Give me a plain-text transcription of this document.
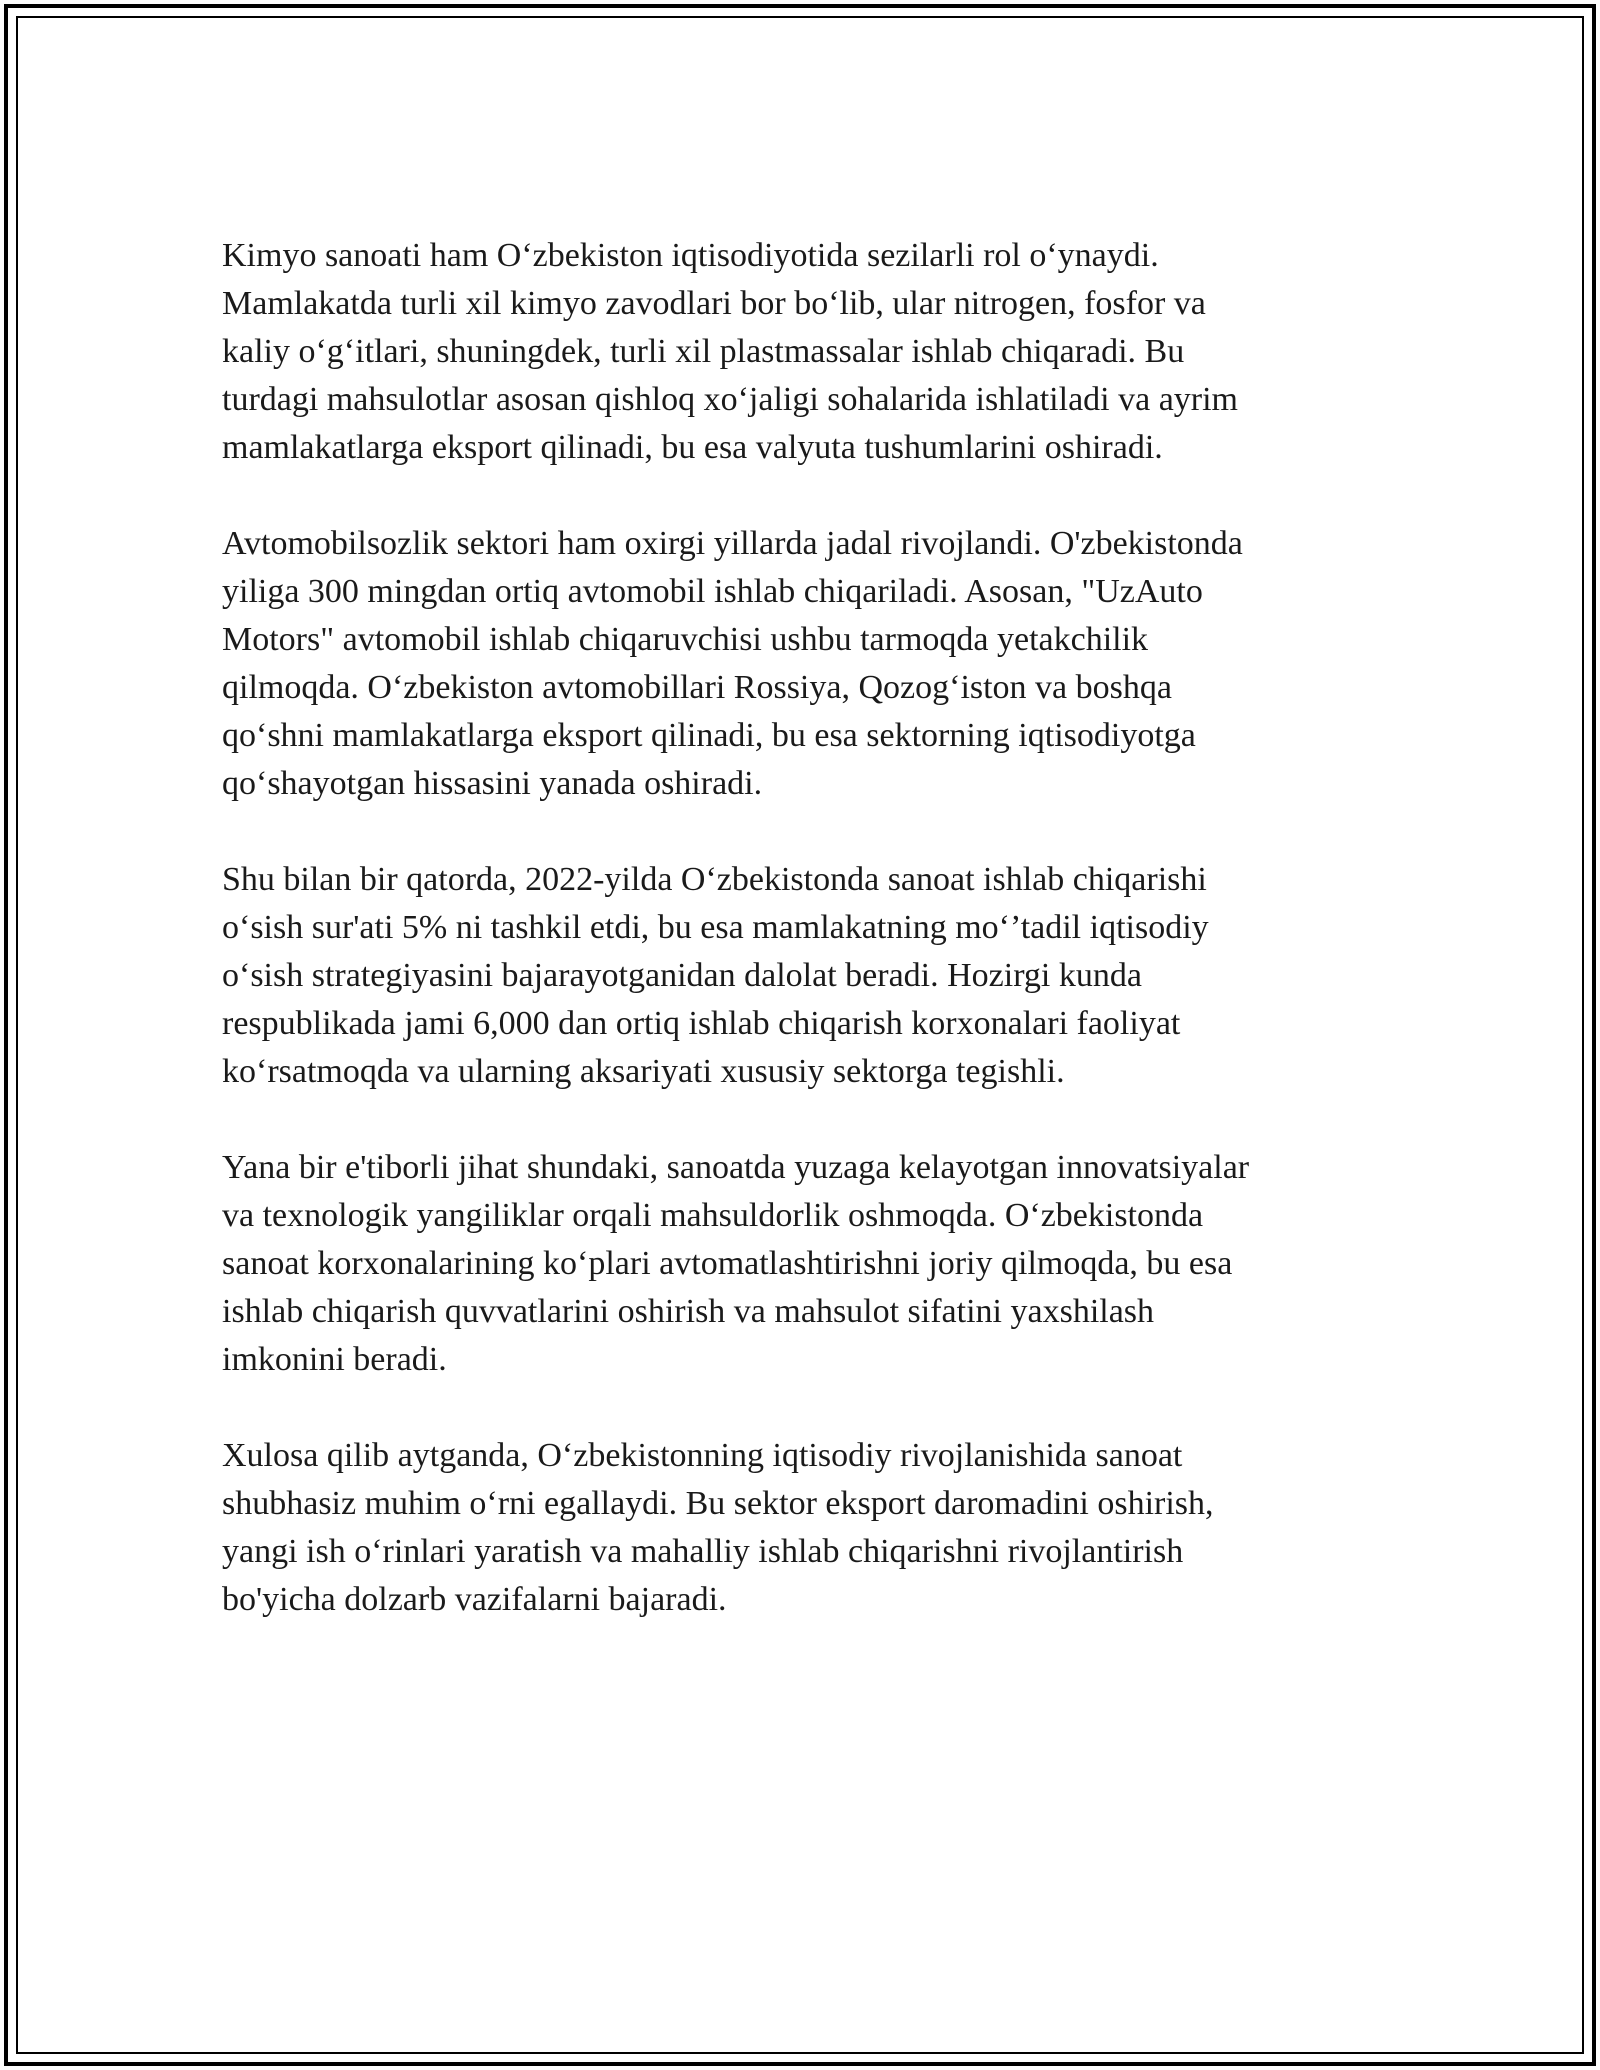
Kimyo sanoati ham O‘zbekiston iqtisodiyotida sezilarli rol o‘ynaydi.
Mamlakatda turli xil kimyo zavodlari bor bo‘lib, ular nitrogen, fosfor va
kaliy o‘g‘itlari, shuningdek, turli xil plastmassalar ishlab chiqaradi. Bu
turdagi mahsulotlar asosan qishloq xo‘jaligi sohalarida ishlatiladi va ayrim
mamlakatlarga eksport qilinadi, bu esa valyuta tushumlarini oshiradi.

Avtomobilsozlik sektori ham oxirgi yillarda jadal rivojlandi. O'zbekistonda
yiliga 300 mingdan ortiq avtomobil ishlab chiqariladi. Asosan, "UzAuto
Motors" avtomobil ishlab chiqaruvchisi ushbu tarmoqda yetakchilik
qilmoqda. O‘zbekiston avtomobillari Rossiya, Qozog‘iston va boshqa
qo‘shni mamlakatlarga eksport qilinadi, bu esa sektorning iqtisodiyotga
qo‘shayotgan hissasini yanada oshiradi.

Shu bilan bir qatorda, 2022-yilda O‘zbekistonda sanoat ishlab chiqarishi
o‘sish sur'ati 5% ni tashkil etdi, bu esa mamlakatning mo‘’tadil iqtisodiy
o‘sish strategiyasini bajarayotganidan dalolat beradi. Hozirgi kunda
respublikada jami 6,000 dan ortiq ishlab chiqarish korxonalari faoliyat
ko‘rsatmoqda va ularning aksariyati xususiy sektorga tegishli.

Yana bir e'tiborli jihat shundaki, sanoatda yuzaga kelayotgan innovatsiyalar
va texnologik yangiliklar orqali mahsuldorlik oshmoqda. O‘zbekistonda
sanoat korxonalarining ko‘plari avtomatlashtirishni joriy qilmoqda, bu esa
ishlab chiqarish quvvatlarini oshirish va mahsulot sifatini yaxshilash
imkonini beradi.

Xulosa qilib aytganda, O‘zbekistonning iqtisodiy rivojlanishida sanoat
shubhasiz muhim o‘rni egallaydi. Bu sektor eksport daromadini oshirish,
yangi ish o‘rinlari yaratish va mahalliy ishlab chiqarishni rivojlantirish
bo'yicha dolzarb vazifalarni bajaradi.
